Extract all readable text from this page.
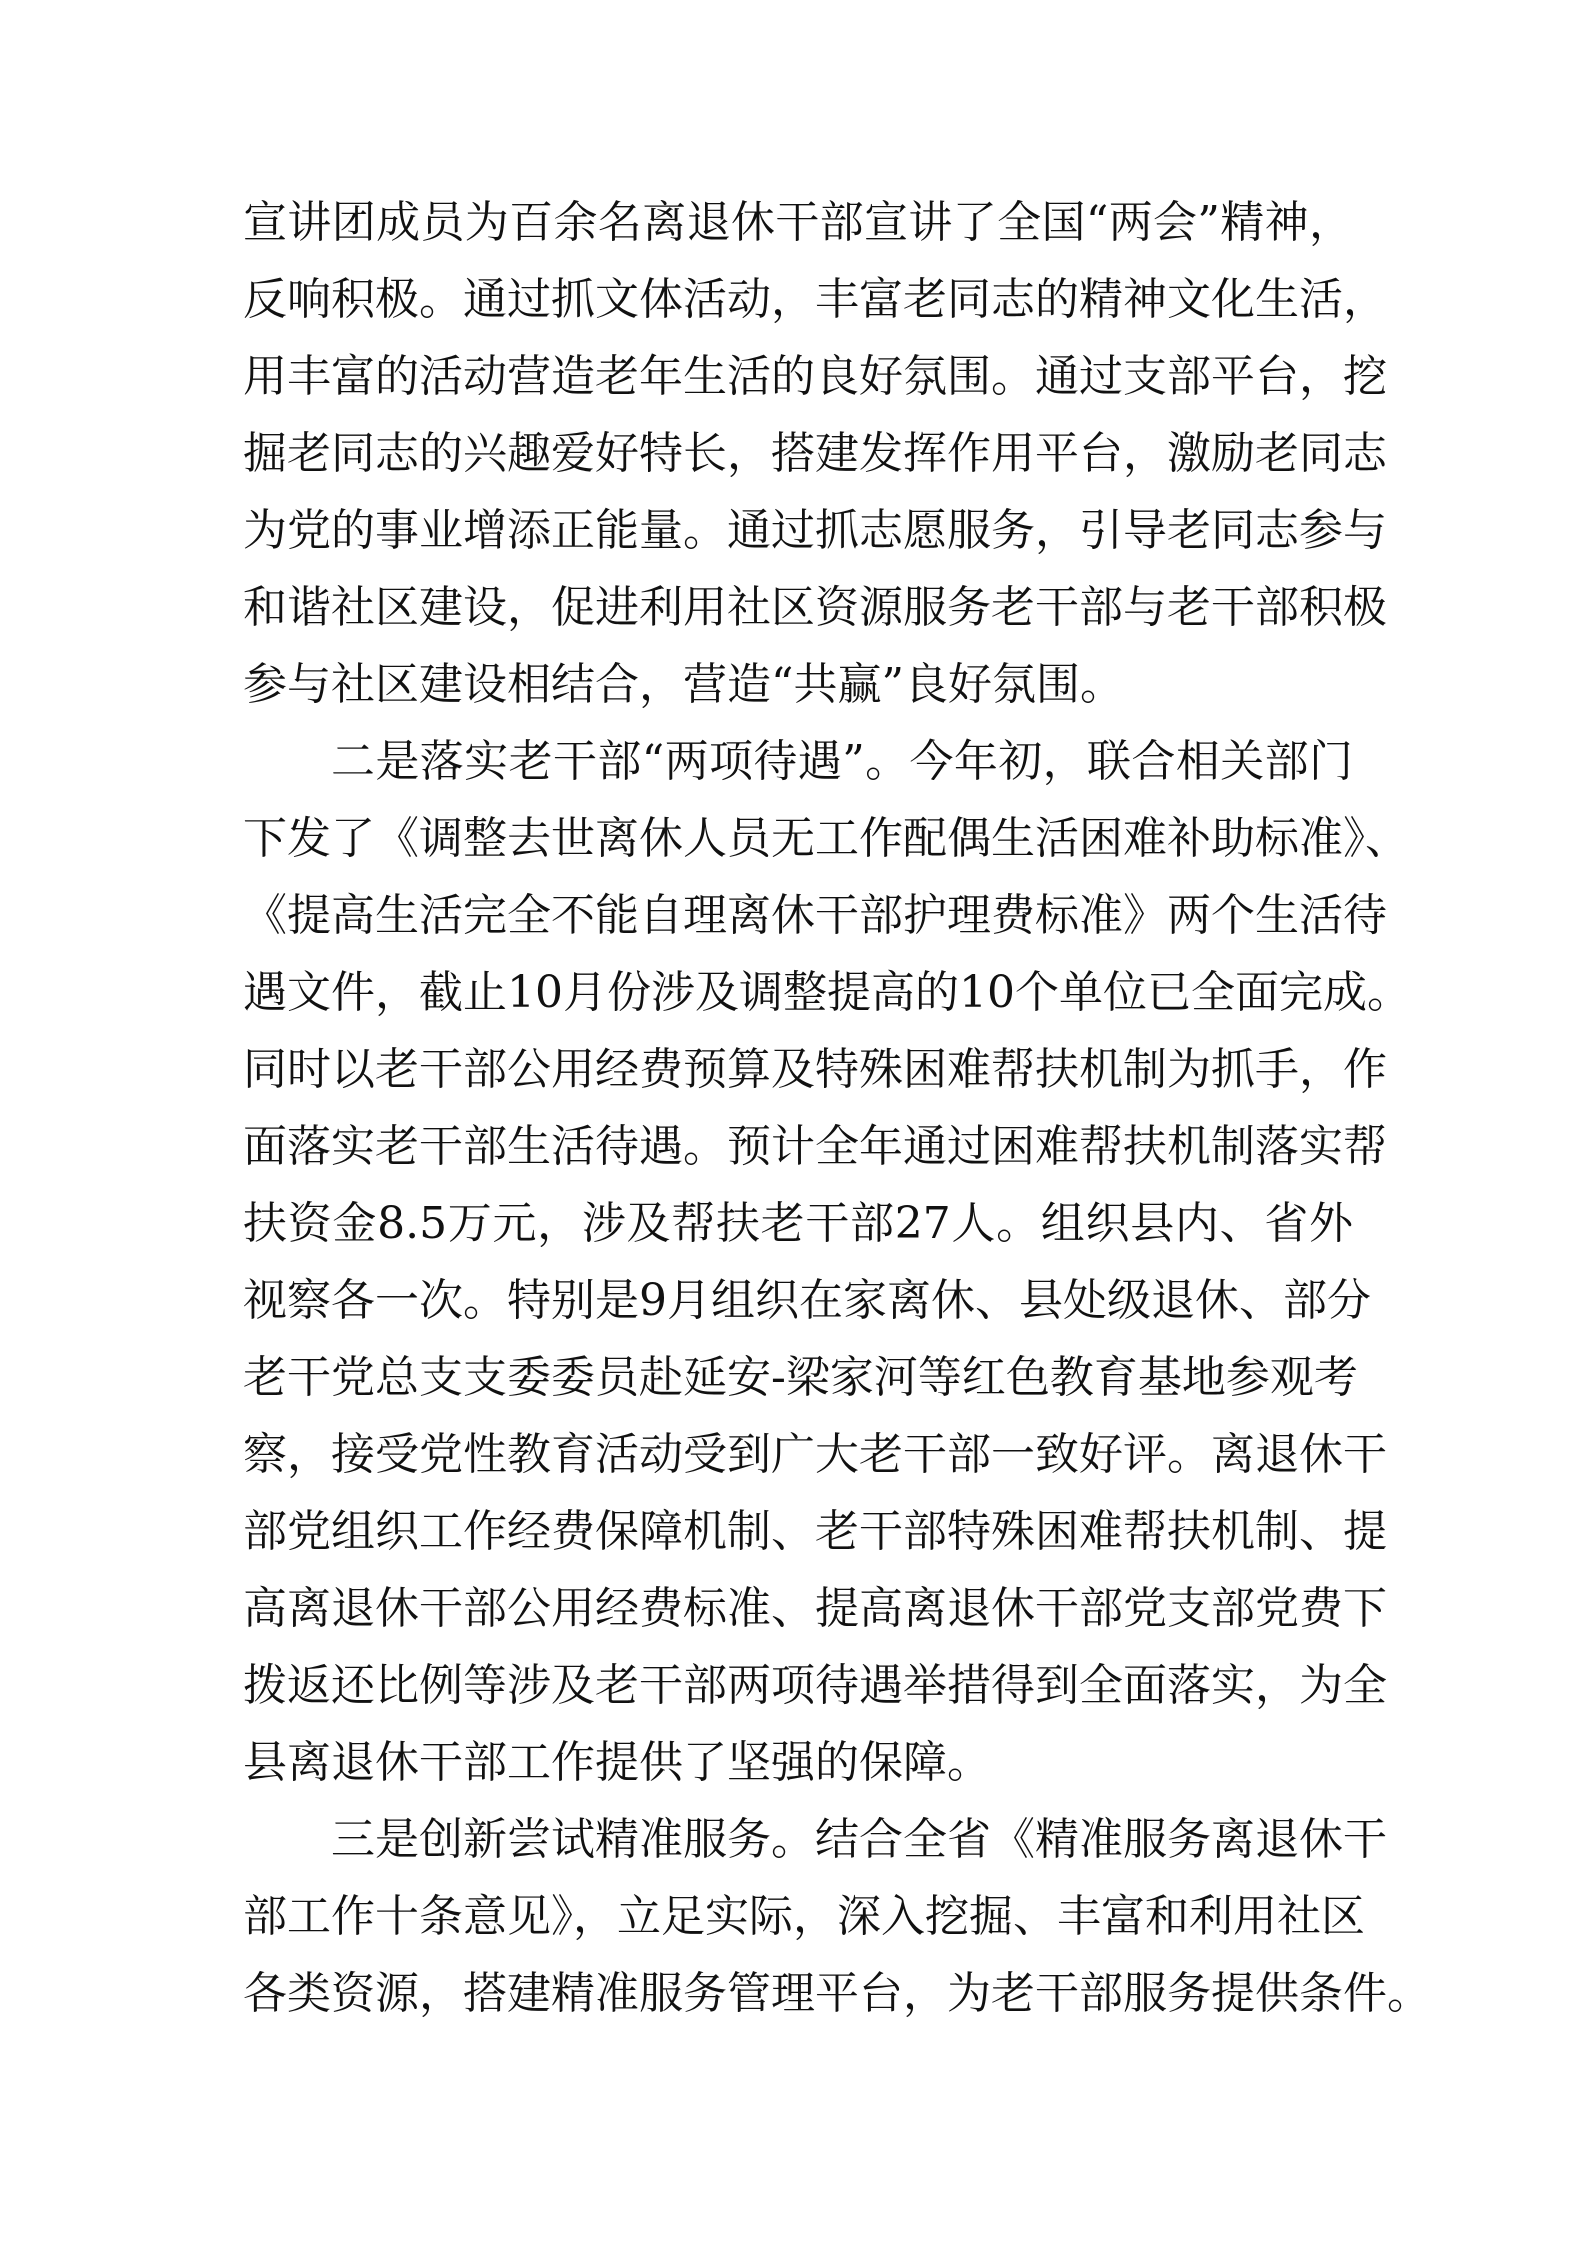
宣讲团成员为百余名离退休干部宣讲了全国“两会”精神，
反响积极。通过抓文体活动，丰富老同志的精神文化生活，
用丰富的活动营造老年生活的良好氛围。通过支部平台，挖
掘老同志的兴趣爱好特长，搭建发挥作用平台，激励老同志
为党的事业增添正能量。通过抓志愿服务，引导老同志参与
和谐社区建设，促进利用社区资源服务老干部与老干部积极
参与社区建设相结合，营造“共赢”良好氛围。
二是落实老干部“两项待遇”。今年初，联合相关部门
下发了《调整去世离休人员无工作配偶生活困难补助标准》、
《提高生活完全不能自理离休干部护理费标准》两个生活待
遇文件，截止10月份涉及调整提高的10个单位已全面完成。
同时以老干部公用经费预算及特殊困难帮扶机制为抓手，作
面落实老干部生活待遇。预计全年通过困难帮扶机制落实帮
扶资金8.5万元，涉及帮扶老干部27人。组织县内、省外
视察各一次。特别是9月组织在家离休、县处级退休、部分
老干党总支支委委员赴延安-梁家河等红色教育基地参观考
察，接受党性教育活动受到广大老干部一致好评。离退休干
部党组织工作经费保障机制、老干部特殊困难帮扶机制、提
高离退休干部公用经费标准、提高离退休干部党支部党费下
拨返还比例等涉及老干部两项待遇举措得到全面落实，为全
县离退休干部工作提供了坚强的保障。
三是创新尝试精准服务。结合全省《精准服务离退休干
部工作十条意见》，立足实际，深入挖掘、丰富和利用社区
各类资源，搭建精准服务管理平台，为老干部服务提供条件。
